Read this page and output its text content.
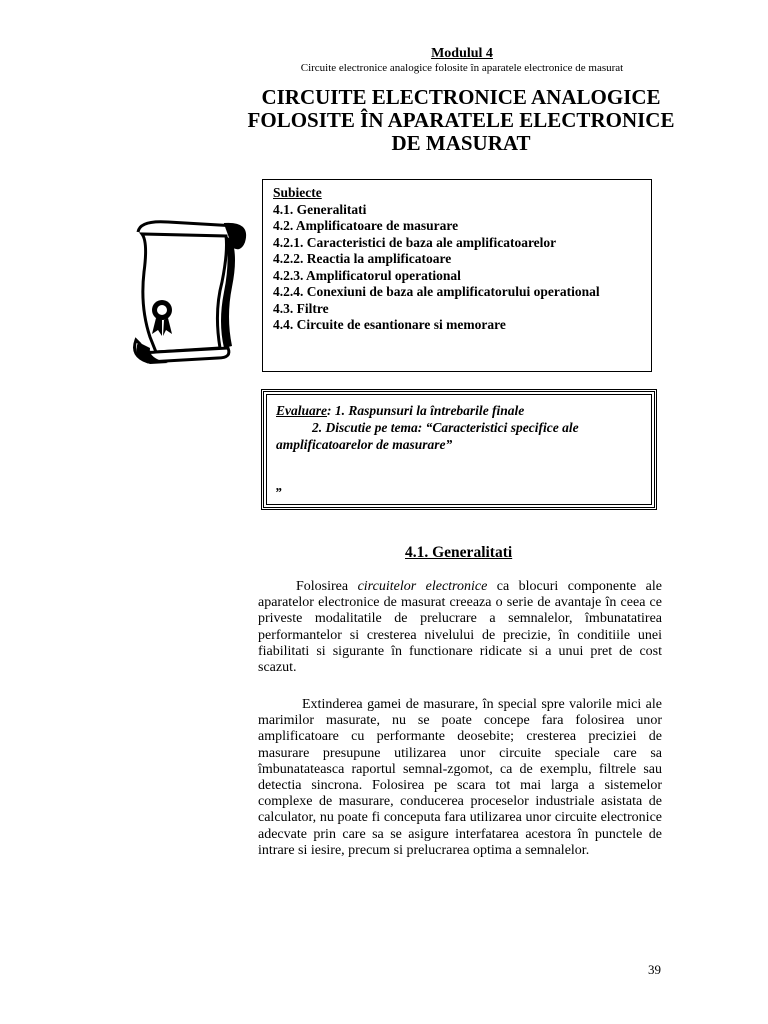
Modulul 4
Circuite electronice analogice folosite în aparatele electronice de masurat
CIRCUITE ELECTRONICE ANALOGICE
FOLOSITE ÎN APARATELE ELECTRONICE
DE MASURAT
Subiecte
4.1. Generalitati
4.2. Amplificatoare de masurare
4.2.1. Caracteristici de baza ale amplificatoarelor
4.2.2. Reactia la amplificatoare
4.2.3. Amplificatorul operational
4.2.4. Conexiuni de baza ale amplificatorului operational
4.3. Filtre
4.4. Circuite de esantionare si memorare
Evaluare: 1. Raspunsuri la întrebarile finale
2. Discutie pe tema: “Caracteristici specifice ale
amplificatoarelor de masurare”
„
4.1. Generalitati
Folosirea circuitelor electronice ca blocuri componente ale aparatelor electronice de masurat creeaza o serie de avantaje în ceea ce priveste modalitatile de prelucrare a semnalelor, îmbunatatirea performantelor si cresterea nivelului de precizie, în conditiile unei fiabilitati si sigurante în functionare ridicate si a unui pret de cost scazut.
Extinderea gamei de masurare, în special spre valorile mici ale marimilor masurate, nu se poate concepe fara folosirea unor amplificatoare cu performante deosebite; cresterea preciziei de masurare presupune utilizarea unor circuite speciale care sa îmbunatateasca raportul semnal-zgomot, ca de exemplu, filtrele sau detectia sincrona. Folosirea pe scara tot mai larga a sistemelor complexe de masurare, conducerea proceselor industriale asistata de calculator, nu poate fi conceputa fara utilizarea unor circuite electronice adecvate prin care sa se asigure interfatarea acestora în punctele de intrare si iesire, precum si prelucrarea optima a semnalelor.
39
